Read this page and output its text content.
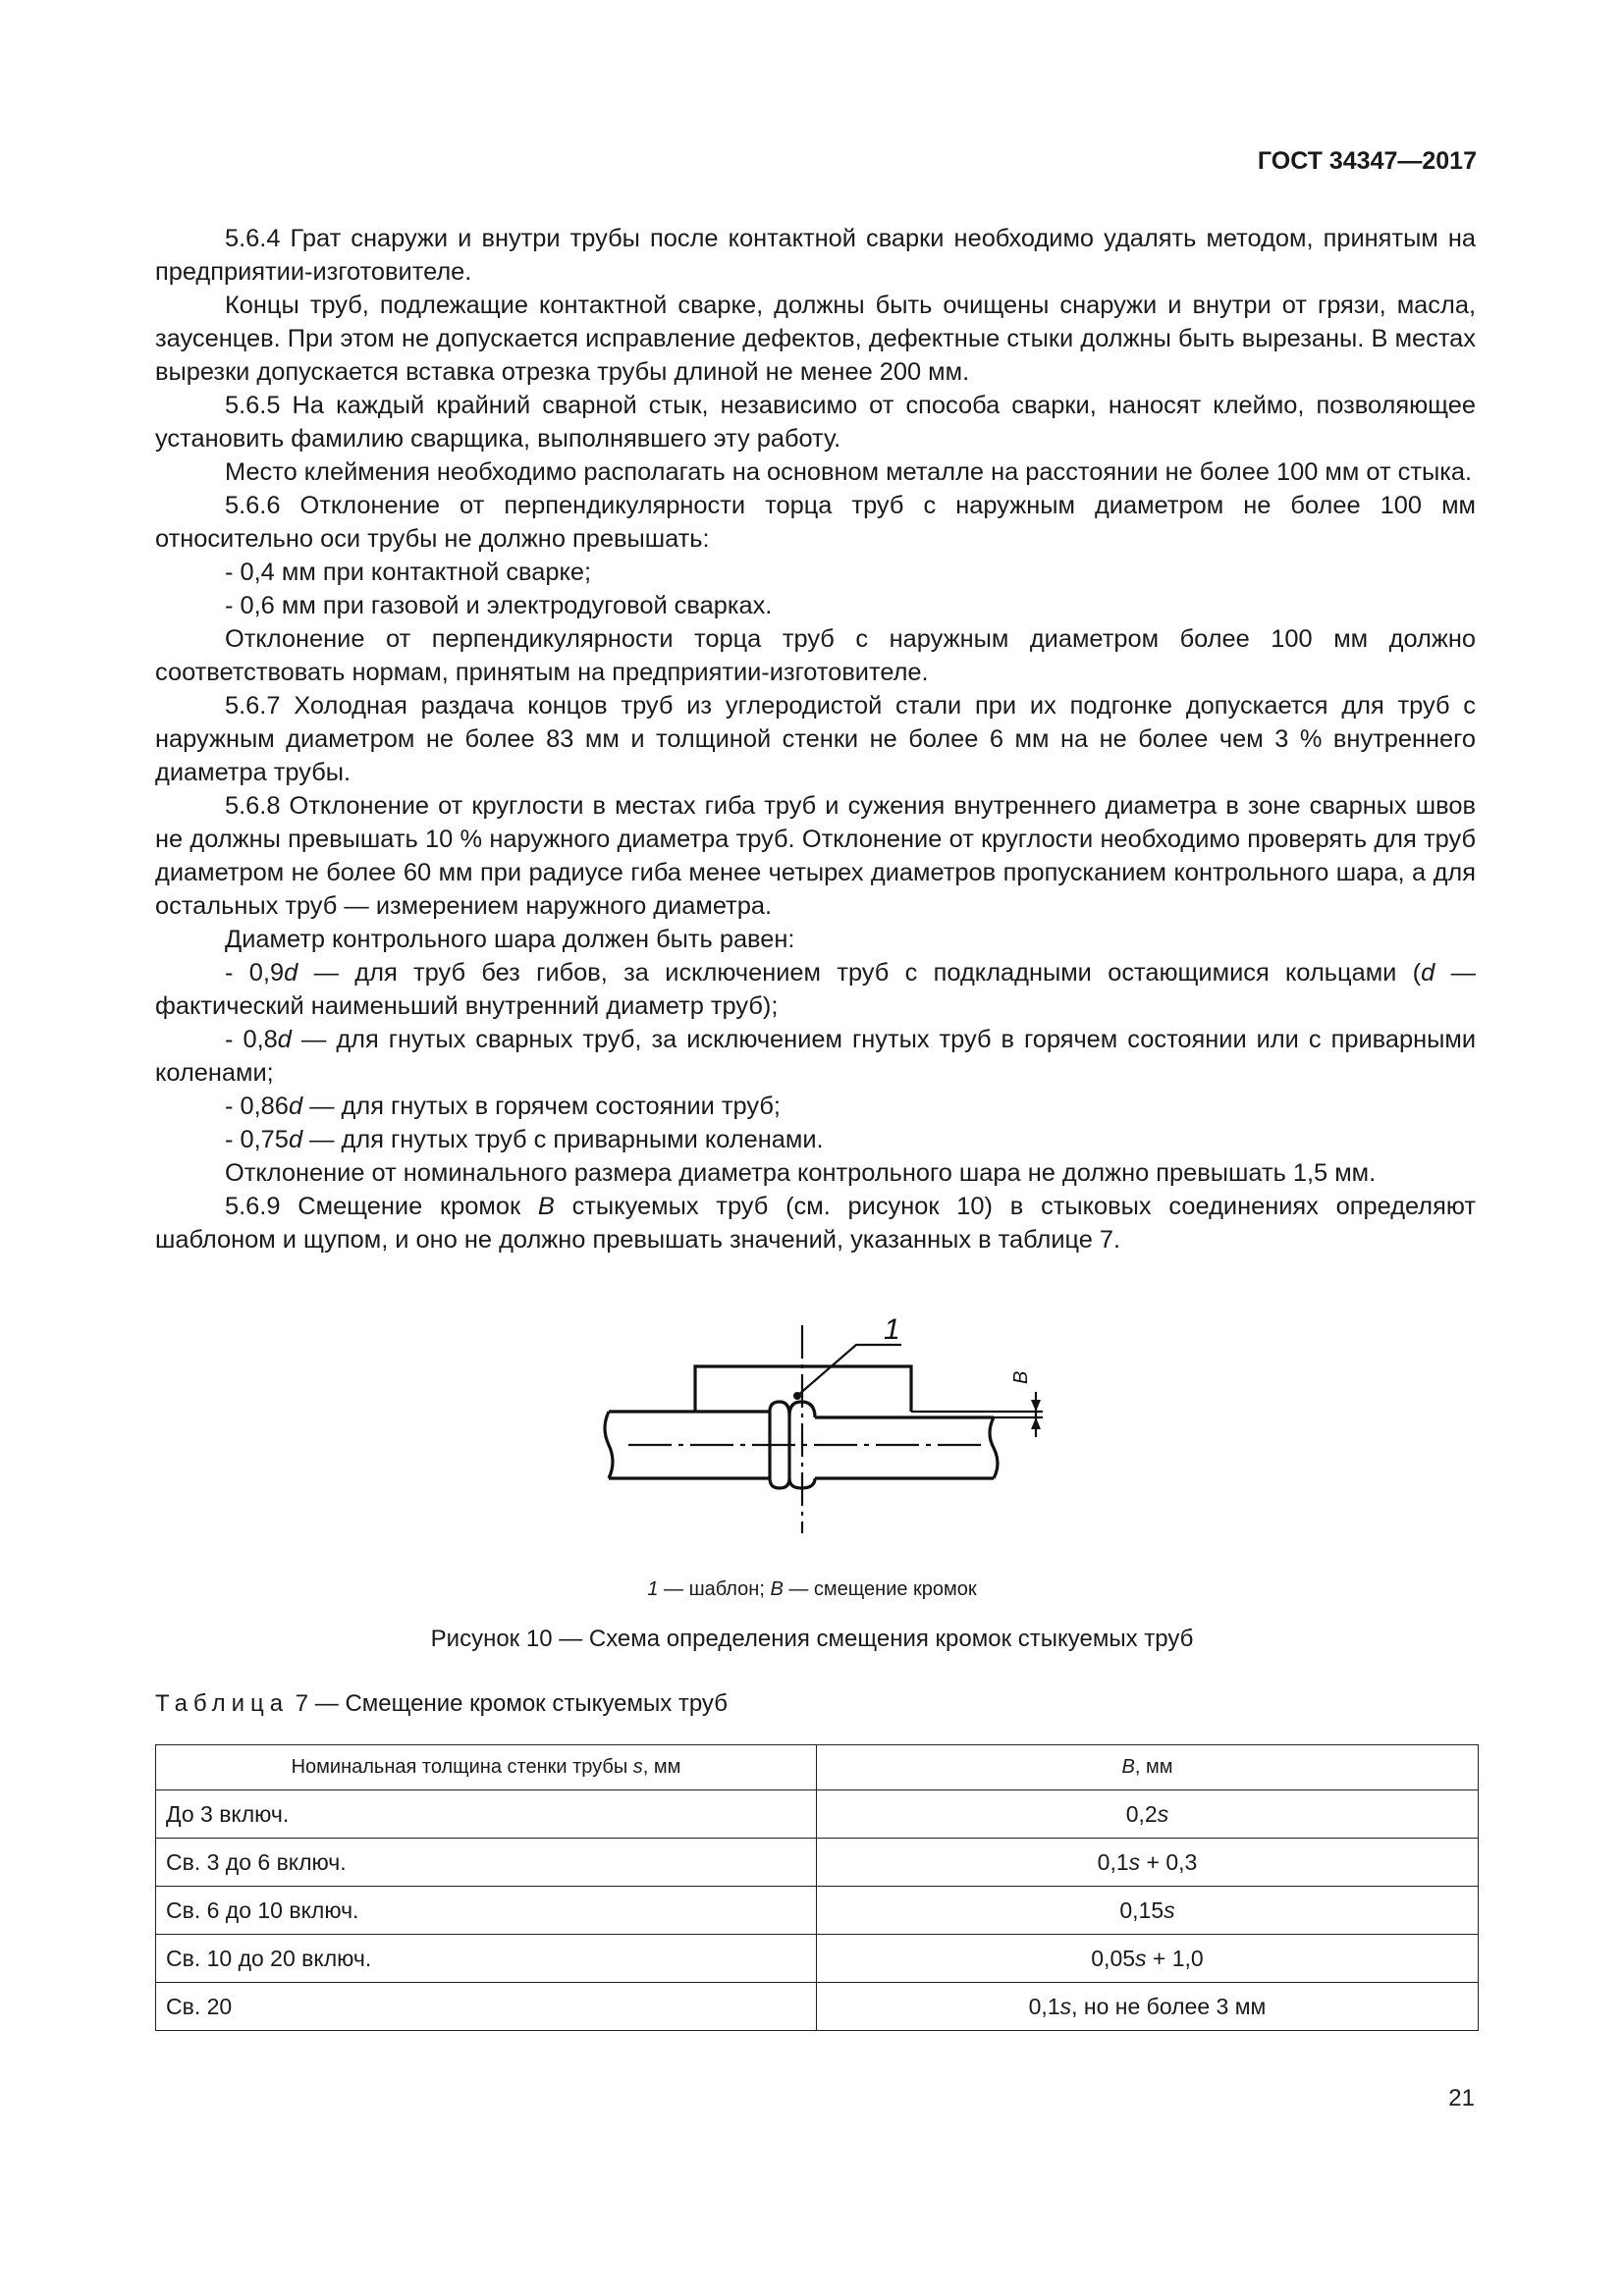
ГОСТ 34347—2017

5.6.4 Грат снаружи и внутри трубы после контактной сварки необходимо удалять методом, принятым на предприятии-изготовителе.

Концы труб, подлежащие контактной сварке, должны быть очищены снаружи и внутри от грязи, масла, заусенцев. При этом не допускается исправление дефектов, дефектные стыки должны быть вырезаны. В местах вырезки допускается вставка отрезка трубы длиной не менее 200 мм.

5.6.5 На каждый крайний сварной стык, независимо от способа сварки, наносят клеймо, позволяющее установить фамилию сварщика, выполнявшего эту работу.

Место клеймения необходимо располагать на основном металле на расстоянии не более 100 мм от стыка.

5.6.6 Отклонение от перпендикулярности торца труб с наружным диаметром не более 100 мм относительно оси трубы не должно превышать:

- 0,4 мм при контактной сварке;

- 0,6 мм при газовой и электродуговой сварках.

Отклонение от перпендикулярности торца труб с наружным диаметром более 100 мм должно соответствовать нормам, принятым на предприятии-изготовителе.

5.6.7 Холодная раздача концов труб из углеродистой стали при их подгонке допускается для труб с наружным диаметром не более 83 мм и толщиной стенки не более 6 мм на не более чем 3 % внутреннего диаметра трубы.

5.6.8 Отклонение от круглости в местах гиба труб и сужения внутреннего диаметра в зоне сварных швов не должны превышать 10 % наружного диаметра труб. Отклонение от круглости необходимо проверять для труб диаметром не более 60 мм при радиусе гиба менее четырех диаметров пропусканием контрольного шара, а для остальных труб — измерением наружного диаметра.

Диаметр контрольного шара должен быть равен:

- 0,9d — для труб без гибов, за исключением труб с подкладными остающимися кольцами (d — фактический наименьший внутренний диаметр труб);

- 0,8d — для гнутых сварных труб, за исключением гнутых труб в горячем состоянии или с приварными коленами;

- 0,86d — для гнутых в горячем состоянии труб;

- 0,75d — для гнутых труб с приварными коленами.

Отклонение от номинального размера диаметра контрольного шара не должно превышать 1,5 мм.

5.6.9 Смещение кромок B стыкуемых труб (см. рисунок 10) в стыковых соединениях определяют шаблоном и щупом, и оно не должно превышать значений, указанных в таблице 7.

1
B
1 — шаблон; B — смещение кромок
Рисунок 10 — Схема определения смещения кромок стыкуемых труб
Таблица 7 — Смещение кромок стыкуемых труб
Номинальная толщина стенки трубы s, мм	B, мм
До 3 включ.	0,2s
Св. 3 до 6 включ.	0,1s + 0,3
Св. 6 до 10 включ.	0,15s
Св. 10 до 20 включ.	0,05s + 1,0
Св. 20	0,1s, но не более 3 мм
21
